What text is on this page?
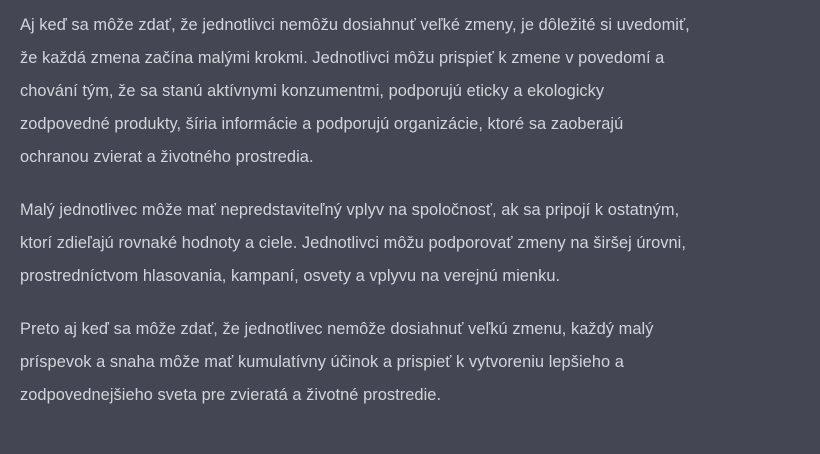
Aj keď sa môže zdať, že jednotlivci nemôžu dosiahnuť veľké zmeny, je dôležité si uvedomiť,
že každá zmena začína malými krokmi. Jednotlivci môžu prispieť k zmene v povedomí a
chování tým, že sa stanú aktívnymi konzumentmi, podporujú eticky a ekologicky
zodpovedné produkty, šíria informácie a podporujú organizácie, ktoré sa zaoberajú
ochranou zvierat a životného prostredia.

Malý jednotlivec môže mať nepredstaviteľný vplyv na spoločnosť, ak sa pripojí k ostatným,
ktorí zdieľajú rovnaké hodnoty a ciele. Jednotlivci môžu podporovať zmeny na širšej úrovni,
prostredníctvom hlasovania, kampaní, osvety a vplyvu na verejnú mienku.

Preto aj keď sa môže zdať, že jednotlivec nemôže dosiahnuť veľkú zmenu, každý malý
príspevok a snaha môže mať kumulatívny účinok a prispieť k vytvoreniu lepšieho a
zodpovednejšieho sveta pre zvieratá a životné prostredie.
